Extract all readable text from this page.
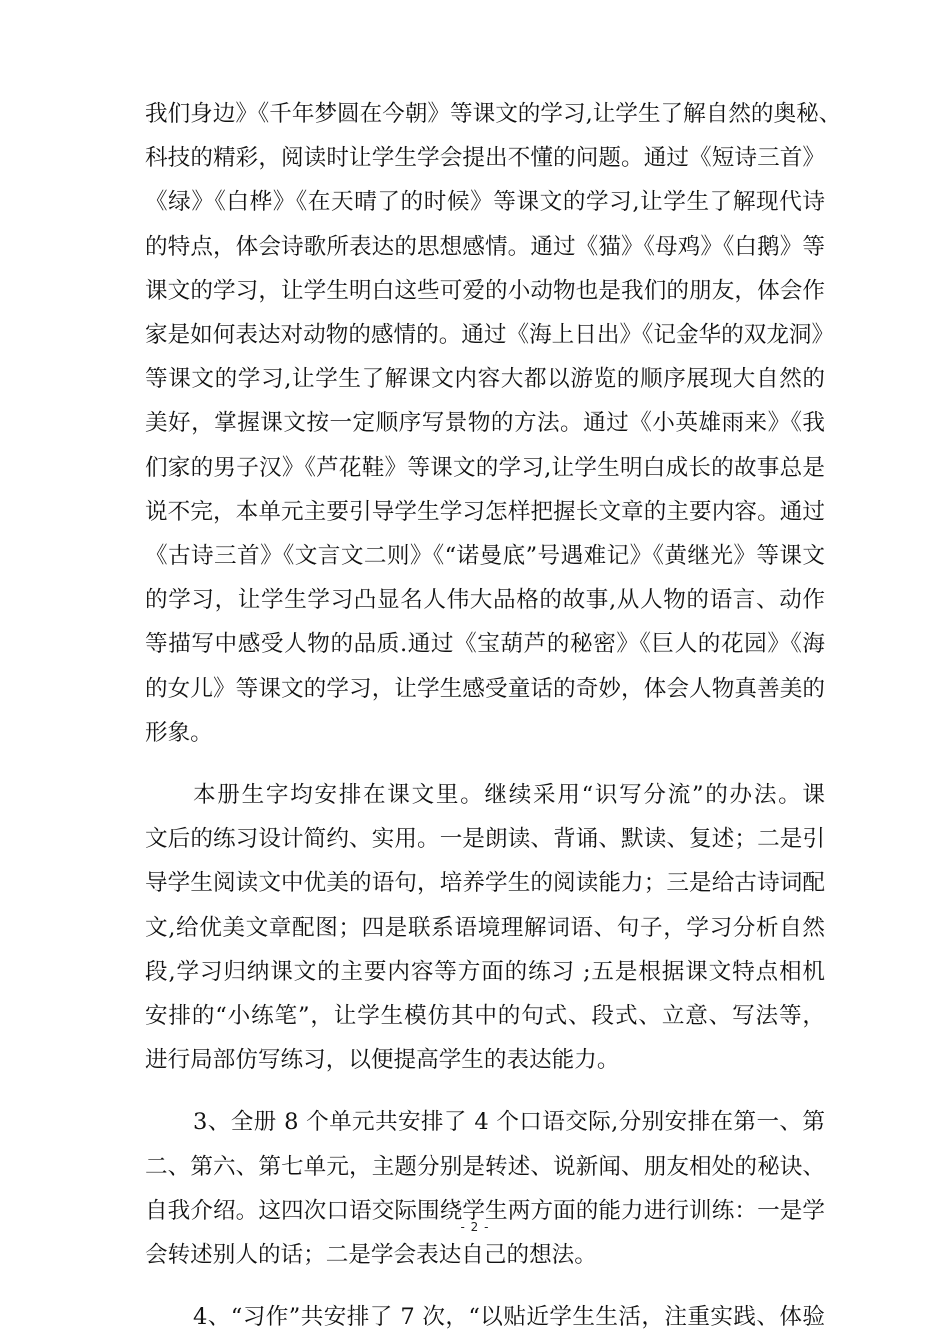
我们身边》《千年梦圆在今朝》等课文的学习,让学生了解自然的奥秘、
科技的精彩，阅读时让学生学会提出不懂的问题。通过《短诗三首》
《绿》《白桦》《在天晴了的时候》等课文的学习,让学生了解现代诗
的特点，体会诗歌所表达的思想感情。通过《猫》《母鸡》《白鹅》等
课文的学习，让学生明白这些可爱的小动物也是我们的朋友，体会作
家是如何表达对动物的感情的。通过《海上日出》《记金华的双龙洞》
等课文的学习,让学生了解课文内容大都以游览的顺序展现大自然的
美好，掌握课文按一定顺序写景物的方法。通过《小英雄雨来》《我
们家的男子汉》《芦花鞋》等课文的学习,让学生明白成长的故事总是
说不完，本单元主要引导学生学习怎样把握长文章的主要内容。通过
《古诗三首》《文言文二则》《“诺曼底”号遇难记》《黄继光》等课文
的学习，让学生学习凸显名人伟大品格的故事,从人物的语言、动作
等描写中感受人物的品质.通过《宝葫芦的秘密》《巨人的花园》《海
的女儿》等课文的学习，让学生感受童话的奇妙，体会人物真善美的
形象。
本册生字均安排在课文里。继续采用“识写分流”的办法。课
文后的练习设计简约、实用。一是朗读、背诵、默读、复述；二是引
导学生阅读文中优美的语句，培养学生的阅读能力；三是给古诗词配
文,给优美文章配图；四是联系语境理解词语、句子，学习分析自然
段,学习归纳课文的主要内容等方面的练习 ;五是根据课文特点相机
安排的“小练笔”，让学生模仿其中的句式、段式、立意、写法等，
进行局部仿写练习，以便提高学生的表达能力。
3、全册 8 个单元共安排了 4 个口语交际,分别安排在第一、第
二、第六、第七单元，主题分别是转述、说新闻、朋友相处的秘诀、
自我介绍。这四次口语交际围绕学生两方面的能力进行训练：一是学
会转述别人的话；二是学会表达自己的想法。
4、“习作”共安排了 7 次，“以贴近学生生活，注重实践、体验
- 2 -
